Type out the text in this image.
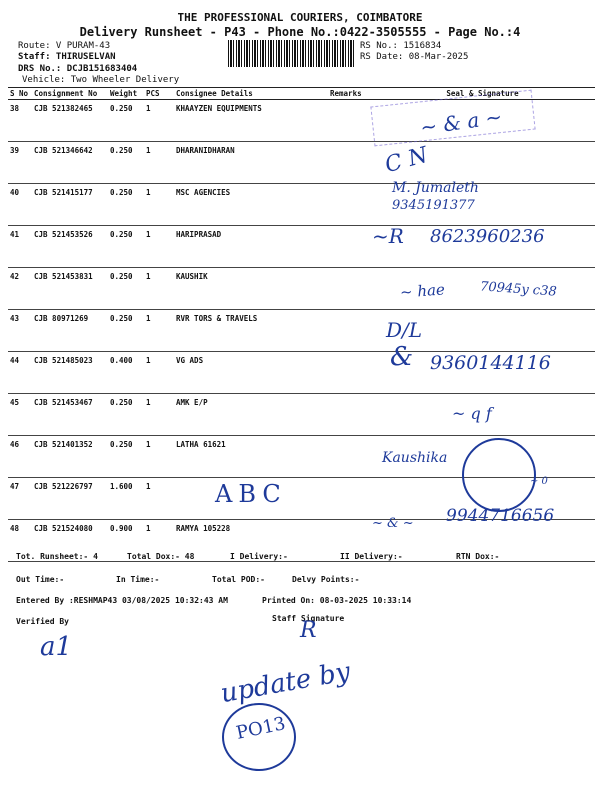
THE PROFESSIONAL COURIERS, COIMBATORE
Delivery Runsheet - P43 - Phone No.:0422-3505555 - Page No.:4
Route: V PURAM-43
Staff: THIRUSELVAN
DRS No.: DCJB151683404
Vehicle: Two Wheeler Delivery
RS No.: 1516834
RS Date: 08-Mar-2025
S No	Consignment No	Weight	PCS	Consignee Details	Remarks	Seal & Signature
38	CJB 521382465	0.250	1	KHAAYZEN EQUIPMENTS		
39	CJB 521346642	0.250	1	DHARANIDHARAN		
40	CJB 521415177	0.250	1	MSC AGENCIES		
41	CJB 521453526	0.250	1	HARIPRASAD		
42	CJB 521453831	0.250	1	KAUSHIK		
43	CJB 80971269	0.250	1	RVR TORS & TRAVELS		
44	CJB 521485023	0.400	1	VG ADS		
45	CJB 521453467	0.250	1	AMK E/P		
46	CJB 521401352	0.250	1	LATHA 61621		
47	CJB 521226797	1.600	1			
48	CJB 521524080	0.900	1	RAMYA 105228		
~ & a ~
C N
M. Jumaleth
9345191377
~R 8623960236
~ hae	70945y c38
D/L
& 9360144116
~ q f
Kaushika
~ 0
ABC
~ & ~ 9944716656
Tot. Runsheet:- 4	Total Dox:- 48	I Delivery:-	II Delivery:-	RTN Dox:-
Out Time:-	In Time:-	Total POD:-	Delvy Points:-
Entered By :RESHMAP43 03/08/2025 10:32:43 AM	Printed On: 08-03-2025 10:33:14
Verified By	Staff Signature
a1
R
update by
PO13
